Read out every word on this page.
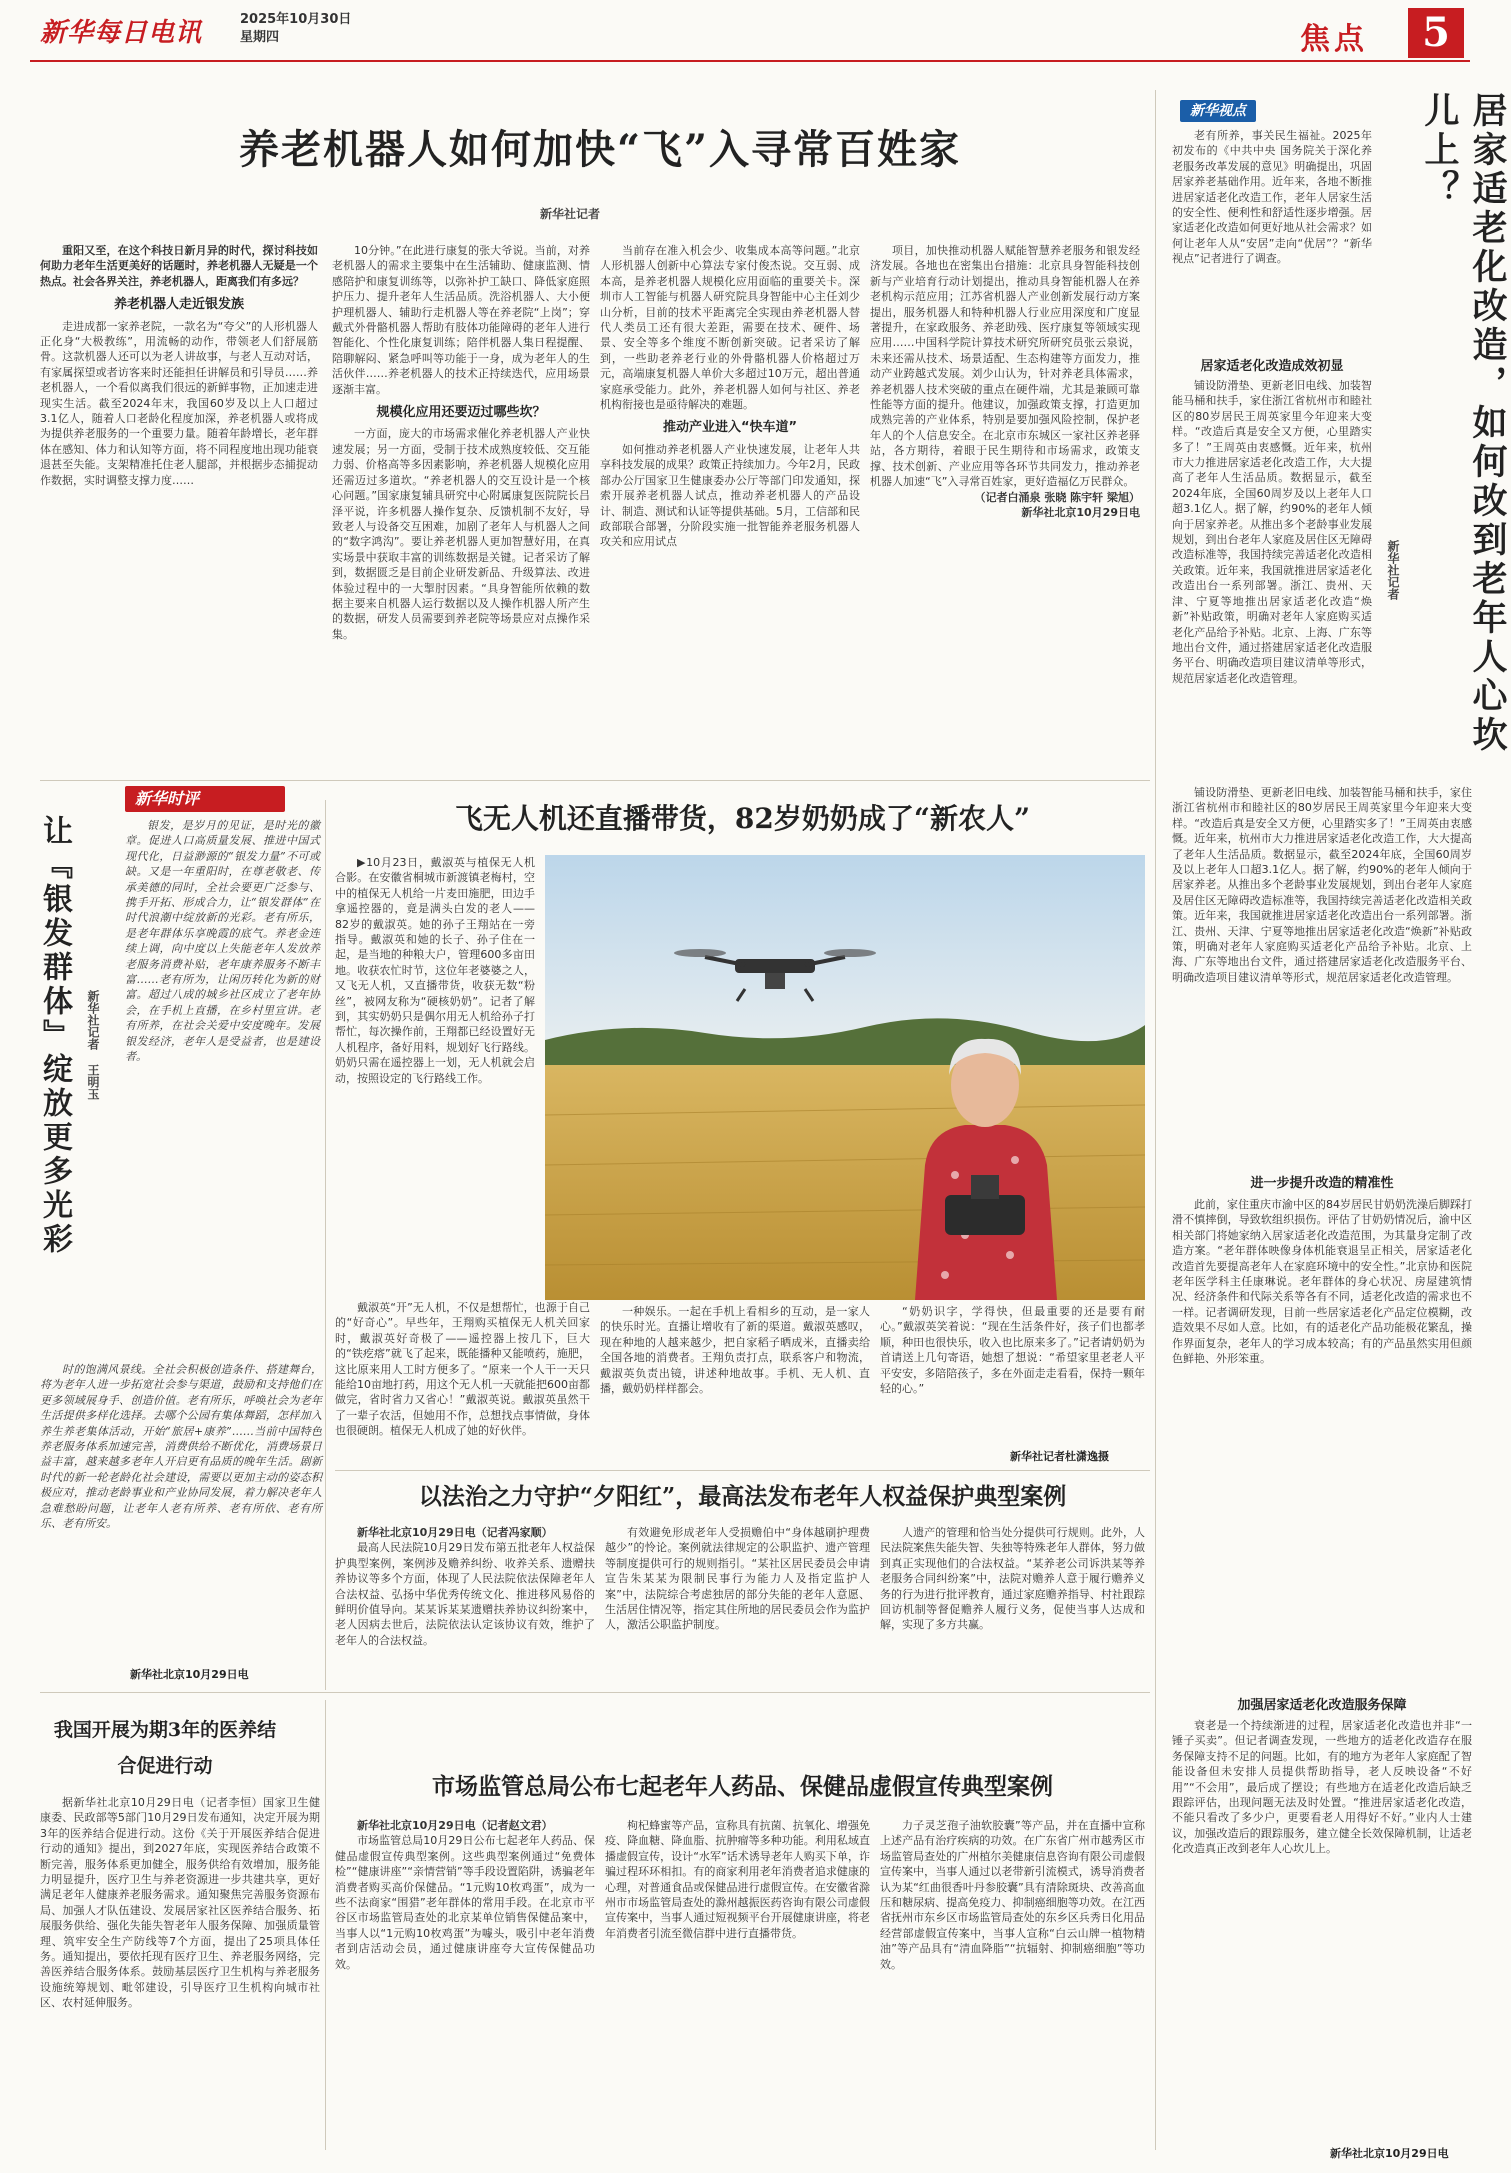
新华每日电讯	2025年10月30日
星期四	焦点	5
养老机器人如何加快“飞”入寻常百姓家
新华社记者

重阳又至，在这个科技日新月异的时代，探讨科技如何助力老年生活更美好的话题时，养老机器人无疑是一个热点。社会各界关注，养老机器人，距离我们有多远？

养老机器人走近银发族

走进成都一家养老院，一款名为“夸父”的人形机器人正化身“大极教练”，用流畅的动作，带领老人们舒展筋骨。这款机器人还可以为老人讲故事，与老人互动对话，有家属探望或者访客来时还能担任讲解员和引导员……养老机器人，一个看似离我们很远的新鲜事物，正加速走进现实生活。截至2024年末，我国60岁及以上人口超过3.1亿人，随着人口老龄化程度加深，养老机器人或将成为提供养老服务的一个重要力量。随着年龄增长，老年群体在感知、体力和认知等方面，将不同程度地出现功能衰退甚至失能。支架精准托住老人腿部，并根据步态捕捉动作数据，实时调整支撑力度……

10分钟。”在此进行康复的张大爷说。当前，对养老机器人的需求主要集中在生活辅助、健康监测、情感陪护和康复训练等，以弥补护工缺口、降低家庭照护压力、提升老年人生活品质。洗浴机器人、大小便护理机器人、辅助行走机器人等在养老院“上岗”；穿戴式外骨骼机器人帮助有肢体功能障碍的老年人进行智能化、个性化康复训练；陪伴机器人集日程提醒、陪聊解闷、紧急呼叫等功能于一身，成为老年人的生活伙伴……养老机器人的技术正持续迭代，应用场景逐渐丰富。

规模化应用还要迈过哪些坎？

一方面，庞大的市场需求催化养老机器人产业快速发展；另一方面，受制于技术成熟度较低、交互能力弱、价格高等多因素影响，养老机器人规模化应用还需迈过多道坎。“养老机器人的交互设计是一个核心问题。”国家康复辅具研究中心附属康复医院院长吕泽平说，许多机器人操作复杂、反馈机制不友好，导致老人与设备交互困难，加剧了老年人与机器人之间的“数字鸿沟”。要让养老机器人更加智慧好用，在真实场景中获取丰富的训练数据是关键。记者采访了解到，数据匮乏是目前企业研发新品、升级算法、改进体验过程中的一大掣肘因素。“具身智能所依赖的数据主要来自机器人运行数据以及人操作机器人所产生的数据，研发人员需要到养老院等场景应对点操作采集。

当前存在准入机会少、收集成本高等问题。”北京人形机器人创新中心算法专家付俊杰说。交互弱、成本高，是养老机器人规模化应用面临的重要关卡。深圳市人工智能与机器人研究院具身智能中心主任刘少山分析，目前的技术平距离完全实现由养老机器人替代人类员工还有很大差距，需要在技术、硬件、场景、安全等多个维度不断创新突破。记者采访了解到，一些助老养老行业的外骨骼机器人价格超过万元，高端康复机器人单价大多超过10万元，超出普通家庭承受能力。此外，养老机器人如何与社区、养老机构衔接也是亟待解决的难题。

推动产业进入“快车道”

如何推动养老机器人产业快速发展，让老年人共享科技发展的成果？政策正持续加力。今年2月，民政部办公厅国家卫生健康委办公厅等部门印发通知，探索开展养老机器人试点，推动养老机器人的产品设计、制造、测试和认证等提供基础。5月，工信部和民政部联合部署，分阶段实施一批智能养老服务机器人攻关和应用试点

项目，加快推动机器人赋能智慧养老服务和银发经济发展。各地也在密集出台措施：北京具身智能科技创新与产业培育行动计划提出，推动具身智能机器人在养老机构示范应用；江苏省机器人产业创新发展行动方案提出，服务机器人和特种机器人行业应用深度和广度显著提升，在家政服务、养老助残、医疗康复等领域实现应用……中国科学院计算技术研究所研究员张云泉说，未来还需从技术、场景适配、生态构建等方面发力，推动产业跨越式发展。刘少山认为，针对养老具体需求，养老机器人技术突破的重点在硬件端，尤其是兼顾可靠性能等方面的提升。他建议，加强政策支撑，打造更加成熟完善的产业体系，特别是要加强风险控制，保护老年人的个人信息安全。在北京市东城区一家社区养老驿站，各方期待，着眼于民生期待和市场需求，政策支撑、技术创新、产业应用等各环节共同发力，推动养老机器人加速“飞”入寻常百姓家，更好造福亿万民群众。

（记者白涌泉 张晓 陈宇轩 梁旭）
新华社北京10月29日电
新华视点	居家适老化改造，如何改到老年人心坎儿上？
新华社记者

老有所养，事关民生福祉。2025年初发布的《中共中央 国务院关于深化养老服务改革发展的意见》明确提出，巩固居家养老基础作用。近年来，各地不断推进居家适老化改造工作，老年人居家生活的安全性、便利性和舒适性逐步增强。居家适老化改造如何更好地从社会需求？如何让老年人从“安居”走向“优居”？“新华视点”记者进行了调查。

居家适老化改造成效初显

铺设防滑垫、更新老旧电线、加装智能马桶和扶手，家住浙江省杭州市和睦社区的80岁居民王周英家里今年迎来大变样。“改造后真是安全又方便，心里踏实多了！”王周英由衷感慨。近年来，杭州市大力推进居家适老化改造工作，大大提高了老年人生活品质。数据显示，截至2024年底，全国60周岁及以上老年人口超3.1亿人。据了解，约90%的老年人倾向于居家养老。从推出多个老龄事业发展规划，到出台老年人家庭及居住区无障碍改造标准等，我国持续完善适老化改造相关政策。近年来，我国就推进居家适老化改造出台一系列部署。浙江、贵州、天津、宁夏等地推出居家适老化改造“焕新”补贴政策，明确对老年人家庭购买适老化产品给予补贴。北京、上海、广东等地出台文件，通过搭建居家适老化改造服务平台、明确改造项目建议清单等形式，规范居家适老化改造管理。

铺设防滑垫、更新老旧电线、加装智能马桶和扶手，家住浙江省杭州市和睦社区的80岁居民王周英家里今年迎来大变样。“改造后真是安全又方便，心里踏实多了！”王周英由衷感慨。近年来，杭州市大力推进居家适老化改造工作，大大提高了老年人生活品质。数据显示，截至2024年底，全国60周岁及以上老年人口超3.1亿人。据了解，约90%的老年人倾向于居家养老。从推出多个老龄事业发展规划，到出台老年人家庭及居住区无障碍改造标准等，我国持续完善适老化改造相关政策。近年来，我国就推进居家适老化改造出台一系列部署。浙江、贵州、天津、宁夏等地推出居家适老化改造“焕新”补贴政策，明确对老年人家庭购买适老化产品给予补贴。北京、上海、广东等地出台文件，通过搭建居家适老化改造服务平台、明确改造项目建议清单等形式，规范居家适老化改造管理。

进一步提升改造的精准性

此前，家住重庆市渝中区的84岁居民甘奶奶洗澡后脚踩打滑不慎摔倒，导致软组织损伤。评估了甘奶奶情况后，渝中区相关部门将她家纳入居家适老化改造范围，为其量身定制了改造方案。“老年群体映像身体机能衰退呈正相关，居家适老化改造首先要提高老年人在家庭环境中的安全性。”北京协和医院老年医学科主任康琳说。老年群体的身心状况、房屋建筑情况、经济条件和代际关系等各有不同，适老化改造的需求也不一样。记者调研发现，目前一些居家适老化产品定位模糊，改造效果不尽如人意。比如，有的适老化产品功能极花繁乱，操作界面复杂，老年人的学习成本较高；有的产品虽然实用但颜色鲜艳、外形笨重。

加强居家适老化改造服务保障

衰老是一个持续渐进的过程，居家适老化改造也并非“一锤子买卖”。但记者调查发现，一些地方的适老化改造存在服务保障支持不足的问题。比如，有的地方为老年人家庭配了智能设备但未安排人员提供帮助指导，老人反映设备“不好用”“不会用”，最后成了摆设；有些地方在适老化改造后缺乏跟踪评估，出现问题无法及时处置。“推进居家适老化改造，不能只看改了多少户，更要看老人用得好不好。”业内人士建议，加强改造后的跟踪服务，建立健全长效保障机制，让适老化改造真正改到老年人心坎儿上。

新华社北京10月29日电
新华时评
让『银发群体』绽放更多光彩 新华社记者 王明玉

银发，是岁月的见证，是时光的徽章。促进人口高质量发展、推进中国式现代化，日益渺源的“银发力量”不可或缺。又是一年重阳时，在尊老敬老、传承美德的同时，全社会要更广泛参与、携手开拓、形成合力，让“银发群体”在时代浪潮中绽放新的光彩。老有所乐，是老年群体乐享晚霞的底气。养老金连续上调，向中度以上失能老年人发放养老服务消费补贴，老年康养服务不断丰富……老有所为，让闲历转化为新的财富。超过八成的城乡社区成立了老年协会，在手机上直播，在乡村里宣讲。老有所养，在社会关爱中安度晚年。发展银发经济，老年人是受益者，也是建设者。

时的饱满风景线。全社会积极创造条件、搭建舞台，将为老年人进一步拓宽社会参与渠道，鼓励和支持他们在更多领域展身手、创造价值。老有所乐，呼唤社会为老年生活提供多样化选择。去哪个公园有集体舞蹈，怎样加入养生养老集体活动，开始“旅居+康养”……当前中国特色养老服务体系加速完善，消费供给不断优化，消费场景日益丰富，越来越多老年人开启更有品质的晚年生活。剧新时代的新一轮老龄化社会建设，需要以更加主动的姿态积极应对，推动老龄事业和产业协同发展，着力解决老年人急难愁盼问题，让老年人老有所养、老有所依、老有所乐、老有所安。

新华社北京10月29日电
飞无人机还直播带货，82岁奶奶成了“新农人”

▶10月23日，戴淑英与植保无人机合影。在安徽省桐城市新渡镇老梅村，空中的植保无人机给一片麦田施肥，田边手拿遥控器的，竟是满头白发的老人——82岁的戴淑英。她的孙子王翔站在一旁指导。戴淑英和她的长子、孙子住在一起，是当地的种粮大户，管理600多亩田地。收获农忙时节，这位年老婆婆之人，又飞无人机，又直播带货，收获无数“粉丝”，被网友称为“硬核奶奶”。记者了解到，其实奶奶只是偶尔用无人机给孙子打帮忙，每次操作前，王翔都已经设置好无人机程序，备好用料，规划好飞行路线。奶奶只需在遥控器上一划，无人机就会启动，按照设定的飞行路线工作。

一种娱乐。一起在手机上看相乡的互动，是一家人的快乐时光。直播让增收有了新的渠道。戴淑英感叹，现在种地的人越来越少，把自家稻子晒成米，直播卖给全国各地的消费者。王翔负责打点，联系客户和物流，戴淑英负责出镜，讲述种地故事。手机、无人机、直播，戴奶奶样样都会。

“奶奶识字，学得快，但最重要的还是要有耐心。”戴淑英笑着说：“现在生活条件好，孩子们也都孝顺，种田也很快乐，收入也比原来多了。”记者请奶奶为首请送上几句寄语，她想了想说：“希望家里老老人平平安安，多陪陪孩子，多在外面走走看看，保持一颗年轻的心。”

新华社记者杜潇逸摄

戴淑英“开”无人机，不仅是想帮忙，也源于自己的“好奇心”。早些年，王翔购买植保无人机关回家时，戴淑英好奇极了——遥控器上按几下，巨大的“铁疙瘩”就飞了起来，既能播种又能喷药，施肥，这比原来用人工时方便多了。“原来一个人干一天只能给10亩地打药，用这个无人机一天就能把600亩都做完，省时省力又省心！”戴淑英说。戴淑英虽然干了一辈子农活，但她用不作，总想找点事情做，身体也很硬朗。植保无人机成了她的好伙伴。

以法治之力守护“夕阳红”，最高法发布老年人权益保护典型案例

新华社北京10月29日电（记者冯家顺）

最高人民法院10月29日发布第五批老年人权益保护典型案例，案例涉及赡养纠纷、收养关系、遗赠扶养协议等多个方面，体现了人民法院依法保障老年人合法权益、弘扬中华优秀传统文化、推进移风易俗的鲜明价值导向。某某诉某某遗赠扶养协议纠纷案中，老人因病去世后，法院依法认定该协议有效，维护了老年人的合法权益。

有效避免形成老年人受损赡伯中“身体越刷护理费越少”的怜论。案例就法律规定的公职监护、遗产管理等制度提供可行的规则指引。“某社区居民委员会申请宣告朱某某为限制民事行为能力人及指定监护人案”中，法院综合考虑独居的部分失能的老年人意愿、生活居住情况等，指定其住所地的居民委员会作为监护人，激活公职监护制度。

人遗产的管理和恰当处分提供可行规则。此外，人民法院案焦失能失智、失独等特殊老年人群体，努力做到真正实现他们的合法权益。“某养老公司诉洪某等养老服务合同纠纷案”中，法院对赡养人意于履行赡养义务的行为进行批评教育，通过家庭赡养指导、村社跟踪回访机制等督促赡养人履行义务，促使当事人达成和解，实现了多方共赢。

我国开展为期3年的医养结合促进行动

据新华社北京10月29日电（记者李恒）国家卫生健康委、民政部等5部门10月29日发布通知，决定开展为期3年的医养结合促进行动。这份《关于开展医养结合促进行动的通知》提出，到2027年底，实现医养结合政策不断完善，服务体系更加健全，服务供给有效增加，服务能力明显提升，医疗卫生与养老资源进一步共建共享，更好满足老年人健康养老服务需求。通知聚焦完善服务资源布局、加强人才队伍建设、发展居家社区医养结合服务、拓展服务供给、强化失能失智老年人服务保障、加强质量管理、筑牢安全生产防线等7个方面，提出了25项具体任务。通知提出，要依托现有医疗卫生、养老服务网络，完善医养结合服务体系。鼓励基层医疗卫生机构与养老服务设施统筹规划、毗邻建设，引导医疗卫生机构向城市社区、农村延伸服务。

市场监管总局公布七起老年人药品、保健品虚假宣传典型案例

新华社北京10月29日电（记者赵文君）

市场监管总局10月29日公布七起老年人药品、保健品虚假宣传典型案例。这些典型案例通过“免费体检”“健康讲座”“亲情营销”等手段设置陷阱，诱骗老年消费者购买高价保健品。“1元购10枚鸡蛋”，成为一些不法商家“围猎”老年群体的常用手段。在北京市平谷区市场监管局查处的北京某单位销售保健品案中，当事人以“1元购10枚鸡蛋”为噱头，吸引中老年消费者到店活动会员，通过健康讲座夸大宣传保健品功效。

枸杞蜂蜜等产品，宣称具有抗菌、抗氧化、增强免疫、降血糖、降血脂、抗肿瘤等多种功能。利用私域直播虚假宣传，设计“水军”话术诱导老年人购买下单，诈骗过程环环相扣。有的商家利用老年消费者追求健康的心理，对普通食品或保健品进行虚假宣传。在安徽省滁州市市场监管局查处的滁州越振医药咨询有限公司虚假宣传案中，当事人通过短视频平台开展健康讲座，将老年消费者引流至微信群中进行直播带货。

力子灵芝孢子油软胶囊”等产品，并在直播中宣称上述产品有治疗疾病的功效。在广东省广州市越秀区市场监管局查处的广州植尔美健康信息咨询有限公司虚假宣传案中，当事人通过以老带新引流模式，诱导消费者认为某“红曲很香叶丹参胶囊”具有清除斑块、改善高血压和糖尿病、提高免疫力、抑制癌细胞等功效。在江西省抚州市东乡区市场监管局查处的东乡区兵秀日化用品经营部虚假宣传案中，当事人宣称“白云山牌一植物精油”等产品具有“清血降脂”“抗辐射、抑制癌细胞”等功效。
